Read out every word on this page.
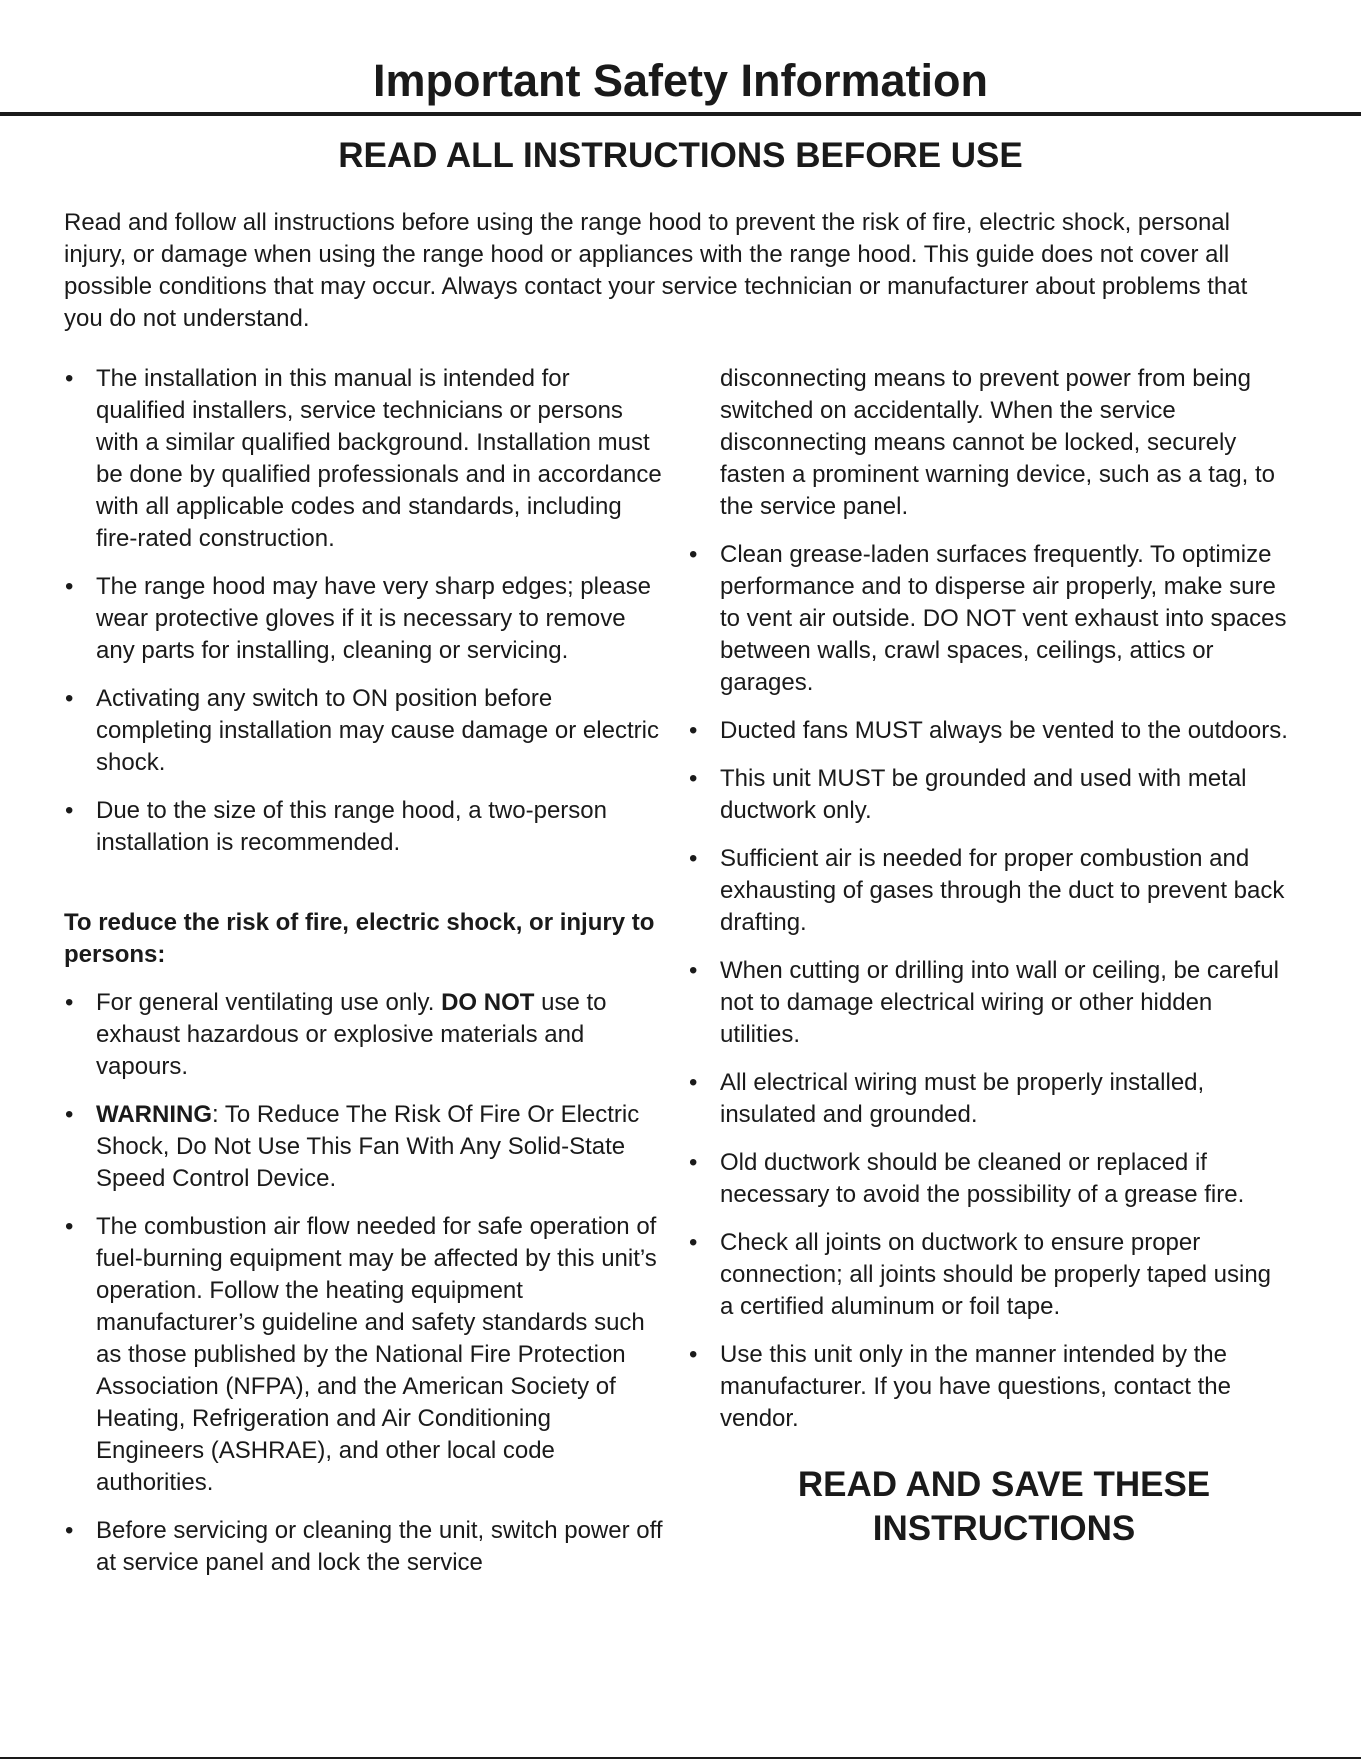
Important Safety Information
READ ALL INSTRUCTIONS BEFORE USE

Read and follow all instructions before using the range hood to prevent the risk of fire, electric shock, personal injury, or damage when using the range hood or appliances with the range hood. This guide does not cover all possible conditions that may occur. Always contact your service technician or manufacturer about problems that you do not understand.

• The installation in this manual is intended for qualified installers, service technicians or persons with a similar qualified background. Installation must be done by qualified professionals and in accordance with all applicable codes and standards, including fire-rated construction.
• The range hood may have very sharp edges; please wear protective gloves if it is necessary to remove any parts for installing, cleaning or servicing.
• Activating any switch to ON position before completing installation may cause damage or electric shock.
• Due to the size of this range hood, a two-person installation is recommended.
To reduce the risk of fire, electric shock, or injury to persons:
• For general ventilating use only. DO NOT use to exhaust hazardous or explosive materials and vapours.
• WARNING: To Reduce The Risk Of Fire Or Electric Shock, Do Not Use This Fan With Any Solid-State Speed Control Device.
• The combustion air flow needed for safe operation of fuel-burning equipment may be affected by this unit’s operation. Follow the heating equipment manufacturer’s guideline and safety standards such as those published by the National Fire Protection Association (NFPA), and the American Society of Heating, Refrigeration and Air Conditioning Engineers (ASHRAE), and other local code authorities.
• Before servicing or cleaning the unit, switch power off at service panel and lock the service
disconnecting means to prevent power from being switched on accidentally. When the service disconnecting means cannot be locked, securely fasten a prominent warning device, such as a tag, to the service panel.
• Clean grease-laden surfaces frequently. To optimize performance and to disperse air properly, make sure to vent air outside. DO NOT vent exhaust into spaces between walls, crawl spaces, ceilings, attics or garages.
• Ducted fans MUST always be vented to the outdoors.
• This unit MUST be grounded and used with metal ductwork only.
• Sufficient air is needed for proper combustion and exhausting of gases through the duct to prevent back drafting.
• When cutting or drilling into wall or ceiling, be careful not to damage electrical wiring or other hidden utilities.
• All electrical wiring must be properly installed, insulated and grounded.
• Old ductwork should be cleaned or replaced if necessary to avoid the possibility of a grease fire.
• Check all joints on ductwork to ensure proper connection; all joints should be properly taped using a certified aluminum or foil tape.
• Use this unit only in the manner intended by the manufacturer. If you have questions, contact the vendor.
READ AND SAVE THESE
INSTRUCTIONS
